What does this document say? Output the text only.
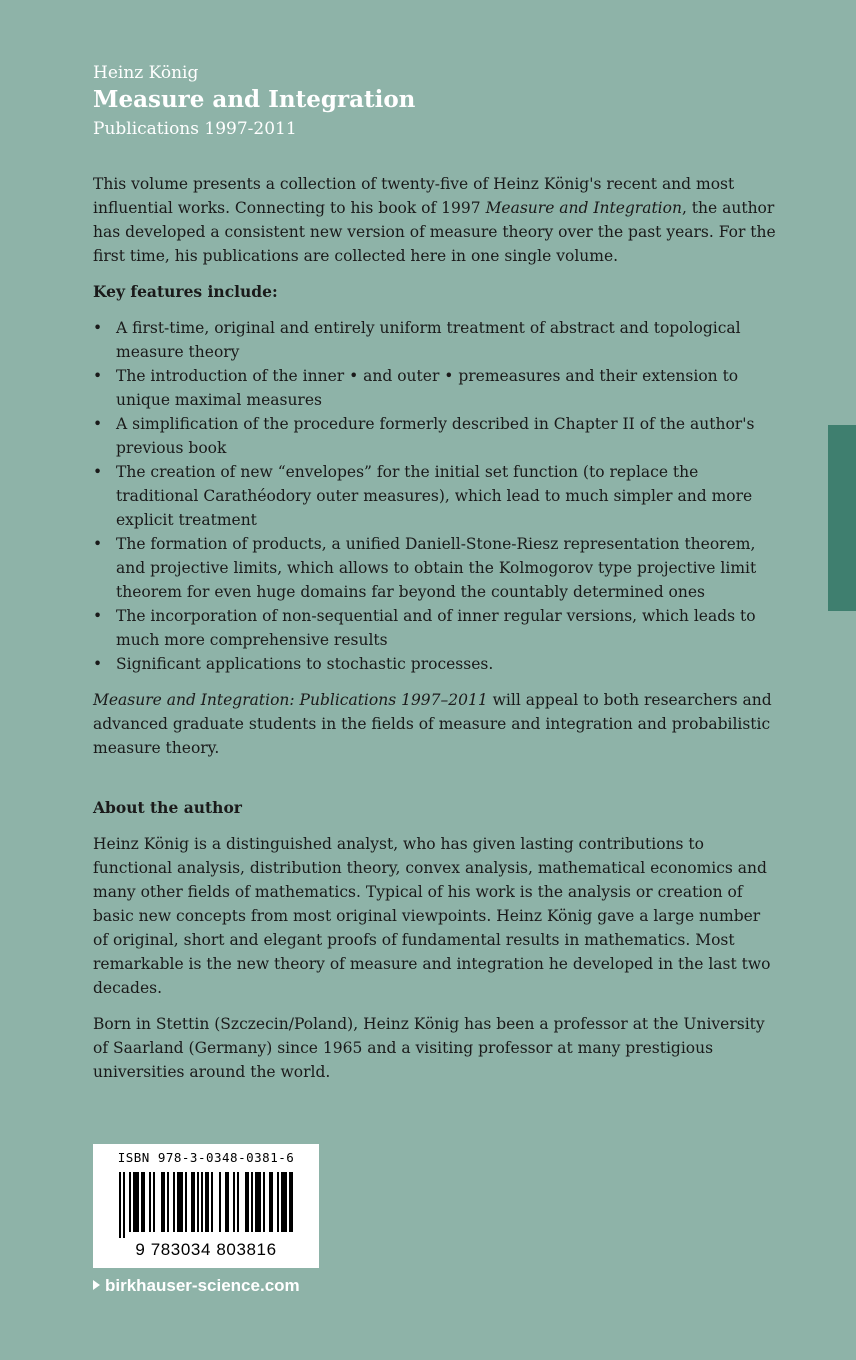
Heinz König
Measure and Integration
Publications 1997-2011

This volume presents a collection of twenty-five of Heinz König's recent and most influential works. Connecting to his book of 1997 Measure and Integration, the author has developed a consistent new version of measure theory over the past years. For the first time, his publications are collected here in one single volume.

Key features include:

• A first-time, original and entirely uniform treatment of abstract and topological measure theory
• The introduction of the inner • and outer • premeasures and their extension to unique maximal measures
• A simplification of the procedure formerly described in Chapter II of the author's previous book
• The creation of new “envelopes” for the initial set function (to replace the traditional Carathéodory outer measures), which lead to much simpler and more explicit treatment
• The formation of products, a unified Daniell-Stone-Riesz representation theorem, and projective limits, which allows to obtain the Kolmogorov type projective limit theorem for even huge domains far beyond the countably determined ones
• The incorporation of non-sequential and of inner regular versions, which leads to much more comprehensive results
• Significant applications to stochastic processes.

Measure and Integration: Publications 1997–2011 will appeal to both researchers and advanced graduate students in the fields of measure and integration and probabilistic measure theory.

About the author

Heinz König is a distinguished analyst, who has given lasting contributions to functional analysis, distribution theory, convex analysis, mathematical economics and many other fields of mathematics. Typical of his work is the analysis or creation of basic new concepts from most original viewpoints. Heinz König gave a large number of original, short and elegant proofs of fundamental results in mathematics. Most remarkable is the new theory of measure and integration he developed in the last two decades.

Born in Stettin (Szczecin/Poland), Heinz König has been a professor at the University of Saarland (Germany) since 1965 and a visiting professor at many prestigious universities around the world.

ISBN 978-3-0348-0381-6
9 783034 803816
birkhauser-science.com
